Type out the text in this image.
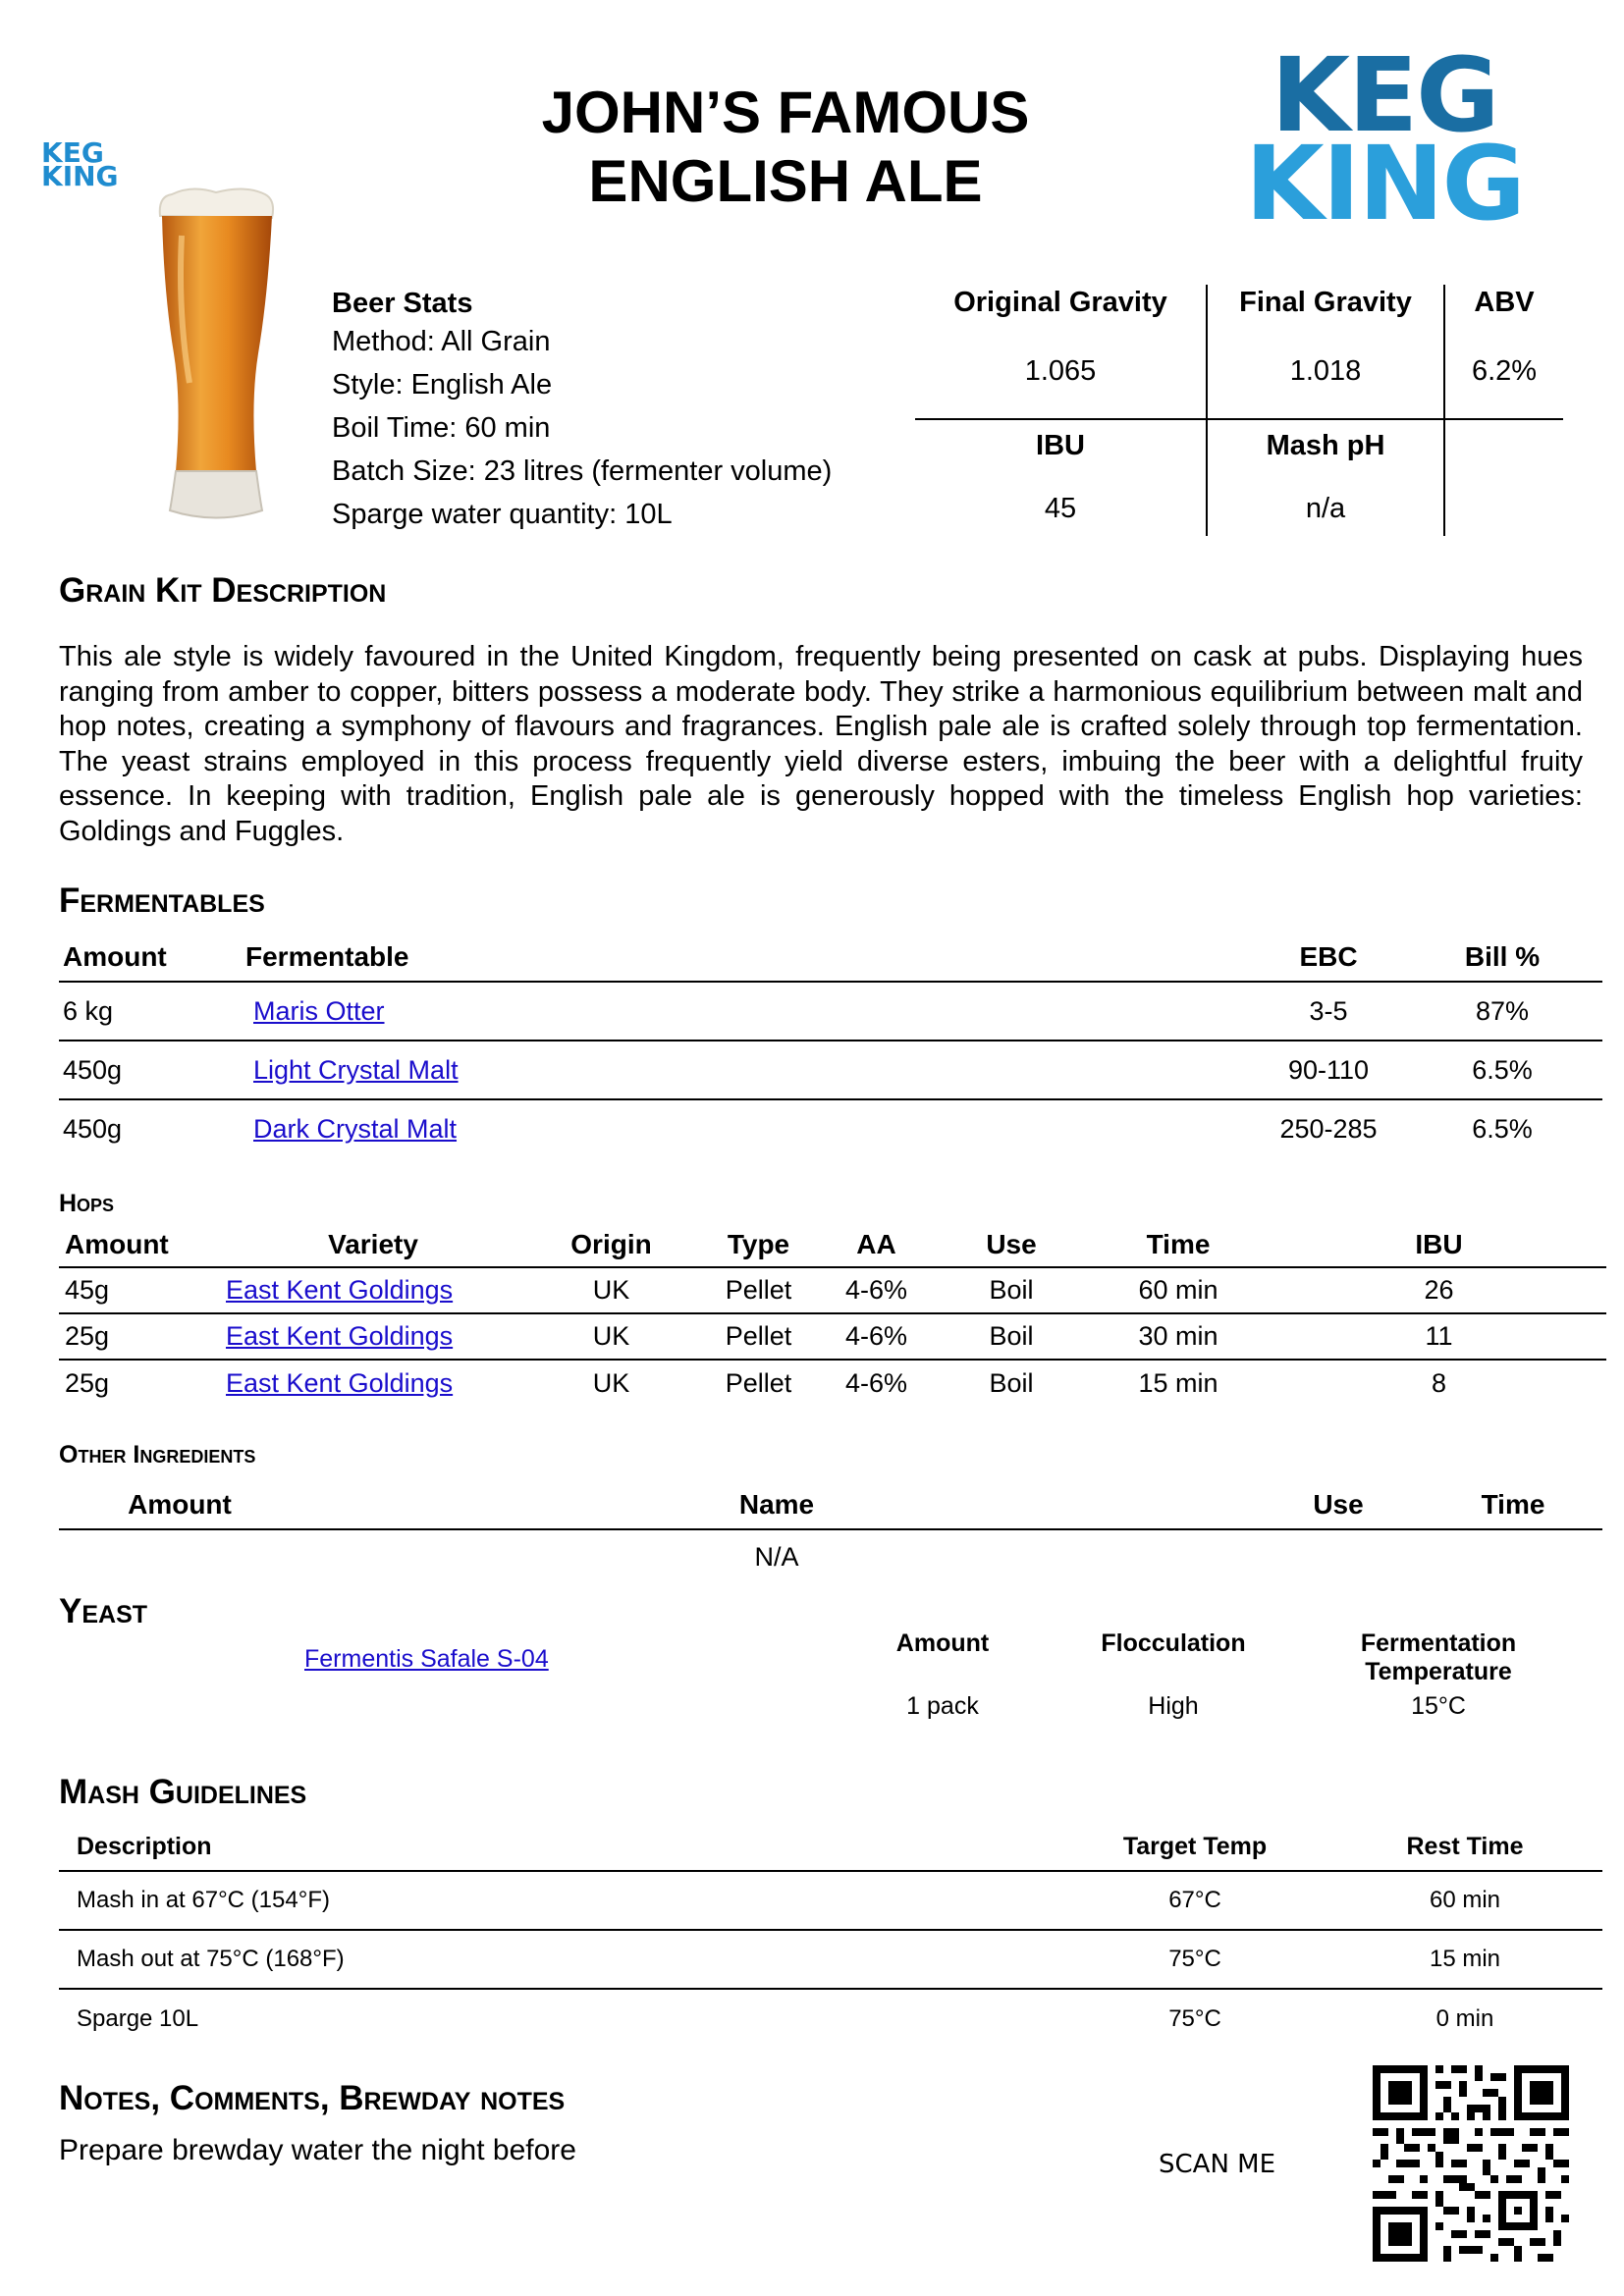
KEG
KING
JOHN’S FAMOUS
ENGLISH ALE
KEG
KING
Beer Stats
Method: All Grain
Style: English Ale
Boil Time: 60 min
Batch Size: 23 litres (fermenter volume)
Sparge water quantity: 10L
Original Gravity	Final Gravity	ABV
1.065	1.018	6.2%
IBU	Mash pH
45	n/a
Grain Kit Description
This ale style is widely favoured in the United Kingdom, frequently being presented on cask at pubs. Displaying hues ranging from amber to copper, bitters possess a moderate body. They strike a harmonious equilibrium between malt and hop notes, creating a symphony of flavours and fragrances. English pale ale is crafted solely through top fermentation. The yeast strains employed in this process frequently yield diverse esters, imbuing the beer with a delightful fruity essence. In keeping with tradition, English pale ale is generously hopped with the timeless English hop varieties: Goldings and Fuggles.
Fermentables
Amount	Fermentable	EBC	Bill %
6 kg	Maris Otter	3-5	87%
450g	Light Crystal Malt	90-110	6.5%
450g	Dark Crystal Malt	250-285	6.5%
Hops
Amount	Variety	Origin	Type	AA	Use	Time	IBU
45g	East Kent Goldings	UK	Pellet	4-6%	Boil	60 min	26
25g	East Kent Goldings	UK	Pellet	4-6%	Boil	30 min	11
25g	East Kent Goldings	UK	Pellet	4-6%	Boil	15 min	8
Other Ingredients
Amount	Name	Use	Time
	N/A		
Yeast
Fermentis Safale S-04
Amount	Flocculation	Fermentation
Temperature

1 pack	High	15°C
Mash Guidelines
Description	Target Temp	Rest Time
Mash in at 67°C (154°F)	67°C	60 min
Mash out at 75°C (168°F)	75°C	15 min
Sparge 10L	75°C	0 min
Notes, Comments, Brewday notes
Prepare brewday water the night before	SCAN ME
